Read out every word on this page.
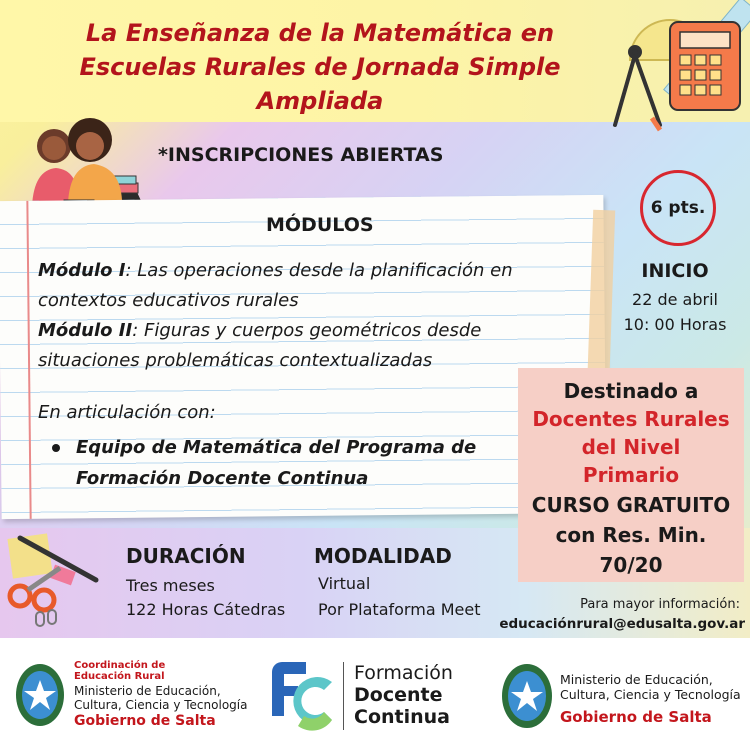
La Enseñanza de la Matemática en
Escuelas Rurales de Jornada Simple
Ampliada
*INSCRIPCIONES ABIERTAS
MÓDULOS
Módulo I: Las operaciones desde la planificación en
contextos educativos rurales
Módulo II: Figuras y cuerpos geométricos desde
situaciones problemáticas contextualizadas
En articulación con:
Equipo de Matemática del Programa de
Formación Docente Continua
6 pts.
INICIO
22 de abril
10: 00 Horas
Destinado a
Docentes Rurales
del Nivel
Primario
CURSO GRATUITO
con Res. Min.
70/20
DURACIÓN
Tres meses
122 Horas Cátedras
MODALIDAD
Virtual
Por Plataforma Meet	Para mayor información:
educaciónrural@edusalta.gov.ar
Coordinación de
Educación Rural
Ministerio de Educación,
Cultura, Ciencia y Tecnología
Gobierno de Salta
Formación
Docente
Continua
Ministerio de Educación,
Cultura, Ciencia y Tecnología
Gobierno de Salta
